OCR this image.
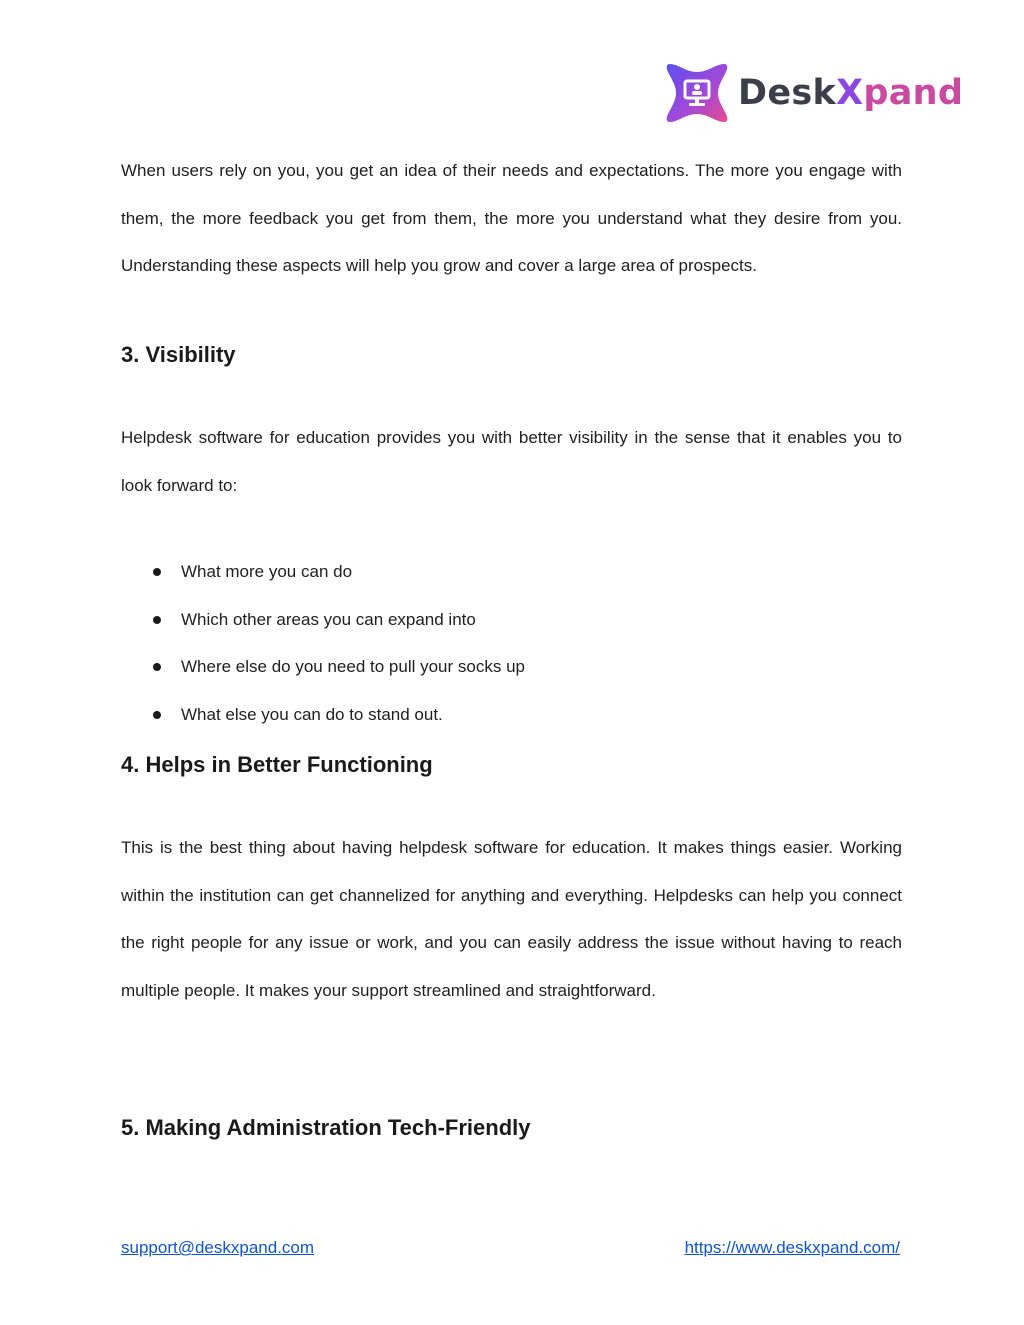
DeskXpand

When users rely on you, you get an idea of their needs and expectations. The more you engage with them, the more feedback you get from them, the more you understand what they desire from you. Understanding these aspects will help you grow and cover a large area of prospects.

3. Visibility

Helpdesk software for education provides you with better visibility in the sense that it enables you to look forward to:

What more you can do
Which other areas you can expand into
Where else do you need to pull your socks up
What else you can do to stand out.
4. Helps in Better Functioning

This is the best thing about having helpdesk software for education. It makes things easier. Working within the institution can get channelized for anything and everything. Helpdesks can help you connect the right people for any issue or work, and you can easily address the issue without having to reach multiple people. It makes your support streamlined and straightforward.

5. Making Administration Tech-Friendly
support@deskxpand.com	https://www.deskxpand.com/
